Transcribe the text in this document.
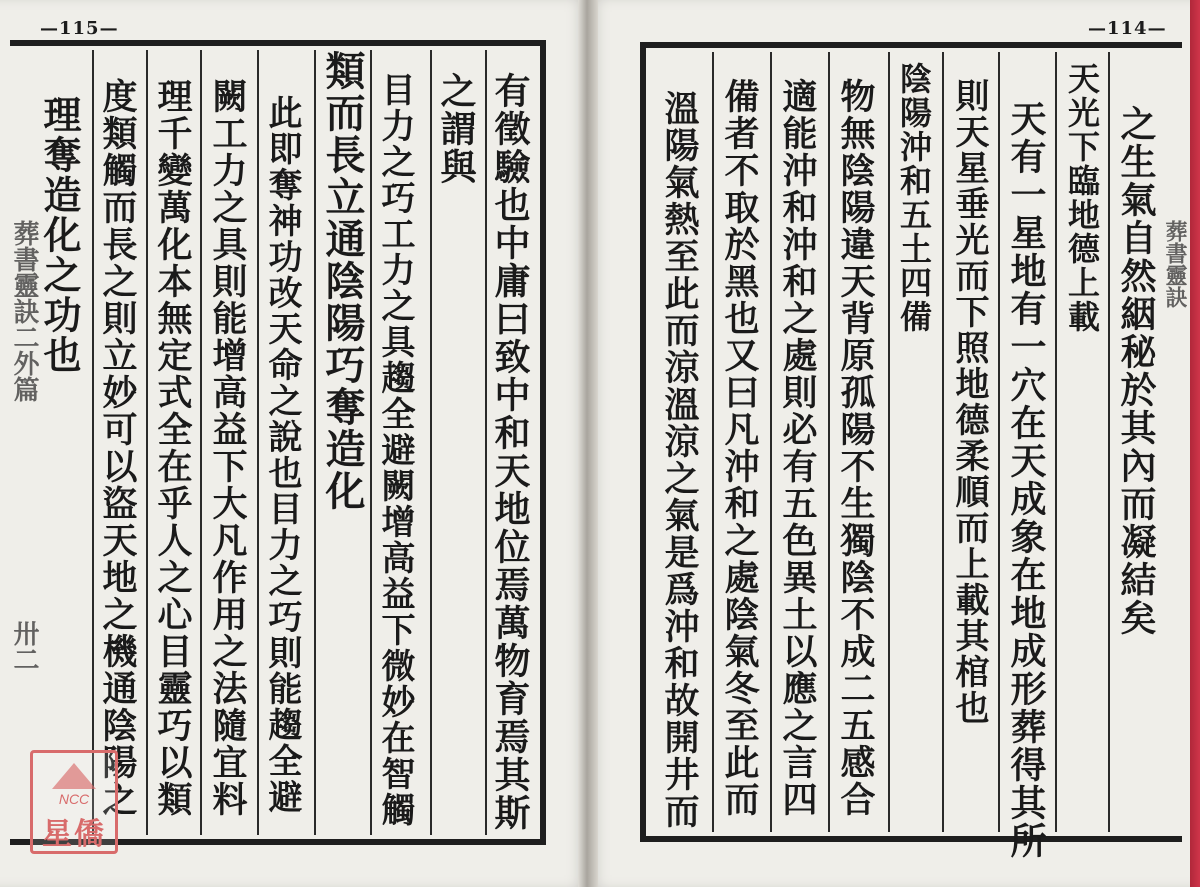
—115—	—114—
有徵驗也中庸曰致中和天地位焉萬物育焉其斯
之謂與
目力之巧工力之具趨全避闕增高益下微妙在智觸
類而長立通陰陽巧奪造化
此即奪神功改天命之說也目力之巧則能趨全避
闕工力之具則能增高益下大凡作用之法隨宜料
理千變萬化本無定式全在乎人之心目靈巧以類
度類觸而長之則立妙可以盜天地之機通陰陽之
理奪造化之功也
葬書靈訣二外篇
卅二
之生氣自然絪秘於其內而凝結矣
天光下臨地德上載
天有一星地有一穴在天成象在地成形葬得其所
則天星垂光而下照地德柔順而上載其棺也
陰陽沖和五土四備
物無陰陽違天背原孤陽不生獨陰不成二五感合
適能沖和沖和之處則必有五色異土以應之言四
備者不取於黑也又曰凡沖和之處陰氣冬至此而
溫陽氣熱至此而涼溫涼之氣是爲沖和故開井而	葬書靈訣
NCC
星僑
